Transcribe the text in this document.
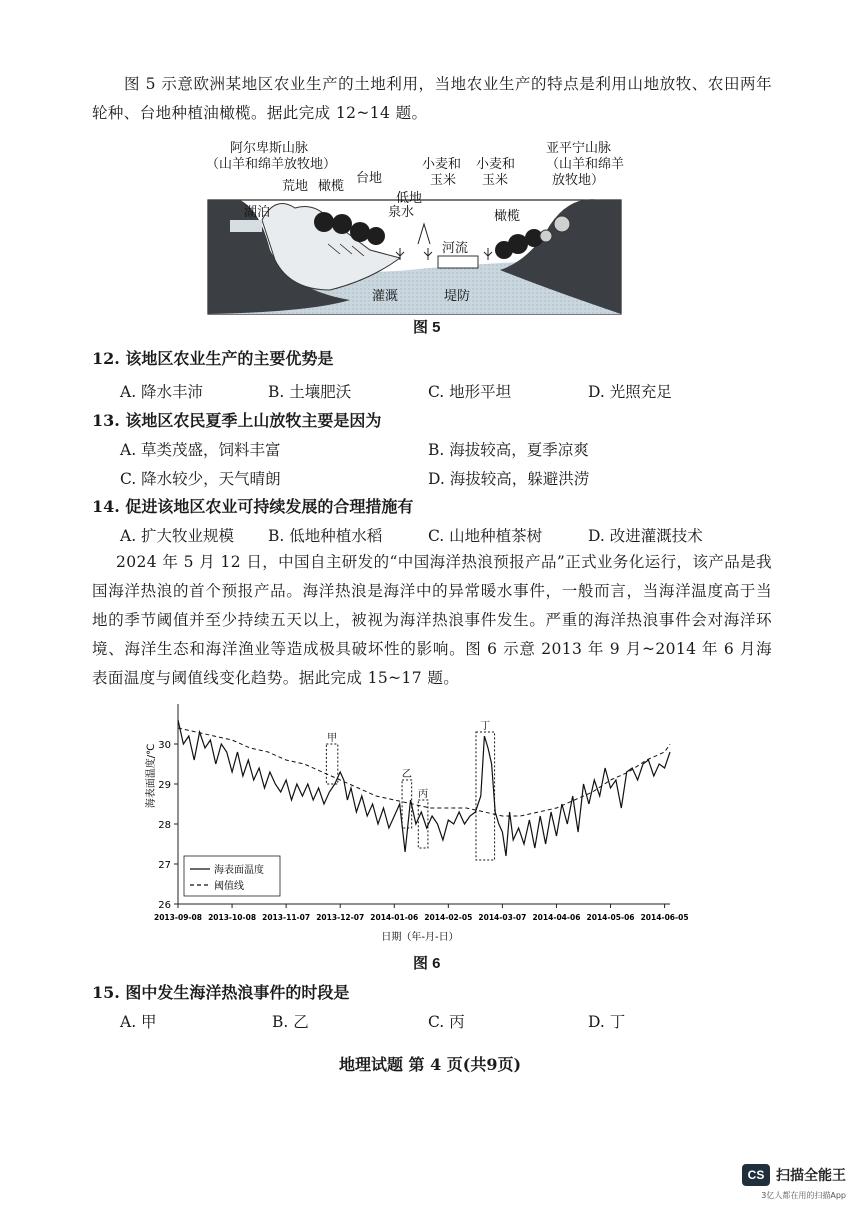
图 5 示意欧洲某地区农业生产的土地利用，当地农业生产的特点是利用山地放牧、农田两年轮种、台地种植油橄榄。据此完成 12~14 题。

阿尔卑斯山脉
（山羊和绵羊放牧地）
湖泊
荒地 橄榄
台地
泉水
低地
小麦和
玉米
河流
小麦和
玉米
亚平宁山脉
（山羊和绵羊
放牧地）
橄榄
灌溉	堤防
图 5

12. 该地区农业生产的主要优势是

A. 降水丰沛	B. 土壤肥沃	C. 地形平坦	D. 光照充足

13. 该地区农民夏季上山放牧主要是因为

A. 草类茂盛，饲料丰富	B. 海拔较高，夏季凉爽
C. 降水较少，天气晴朗	D. 海拔较高，躲避洪涝

14. 促进该地区农业可持续发展的合理措施有

A. 扩大牧业规模	B. 低地种植水稻	C. 山地种植茶树	D. 改进灌溉技术

2024 年 5 月 12 日，中国自主研发的“中国海洋热浪预报产品”正式业务化运行，该产品是我国海洋热浪的首个预报产品。海洋热浪是海洋中的异常暖水事件，一般而言，当海洋温度高于当地的季节阈值并至少持续五天以上，被视为海洋热浪事件发生。严重的海洋热浪事件会对海洋环境、海洋生态和海洋渔业等造成极具破坏性的影响。图 6 示意 2013 年 9 月~2014 年 6 月海表面温度与阈值线变化趋势。据此完成 15~17 题。

26
27
28
29
30
2013-09-08 2013-10-08 2013-11-07 2013-12-07 2014-01-06 2014-02-05 2014-03-07 2014-04-06 2014-05-06 2014-06-05
甲
乙
丙
丁
海表面温度
阈值线
海表面温度/℃
日期（年-月-日）
图 6

15. 图中发生海洋热浪事件的时段是

A. 甲	B. 乙	C. 丙	D. 丁
地理试题 第 4 页(共9页)
CS 扫描全能王
3亿人都在用的扫描App
